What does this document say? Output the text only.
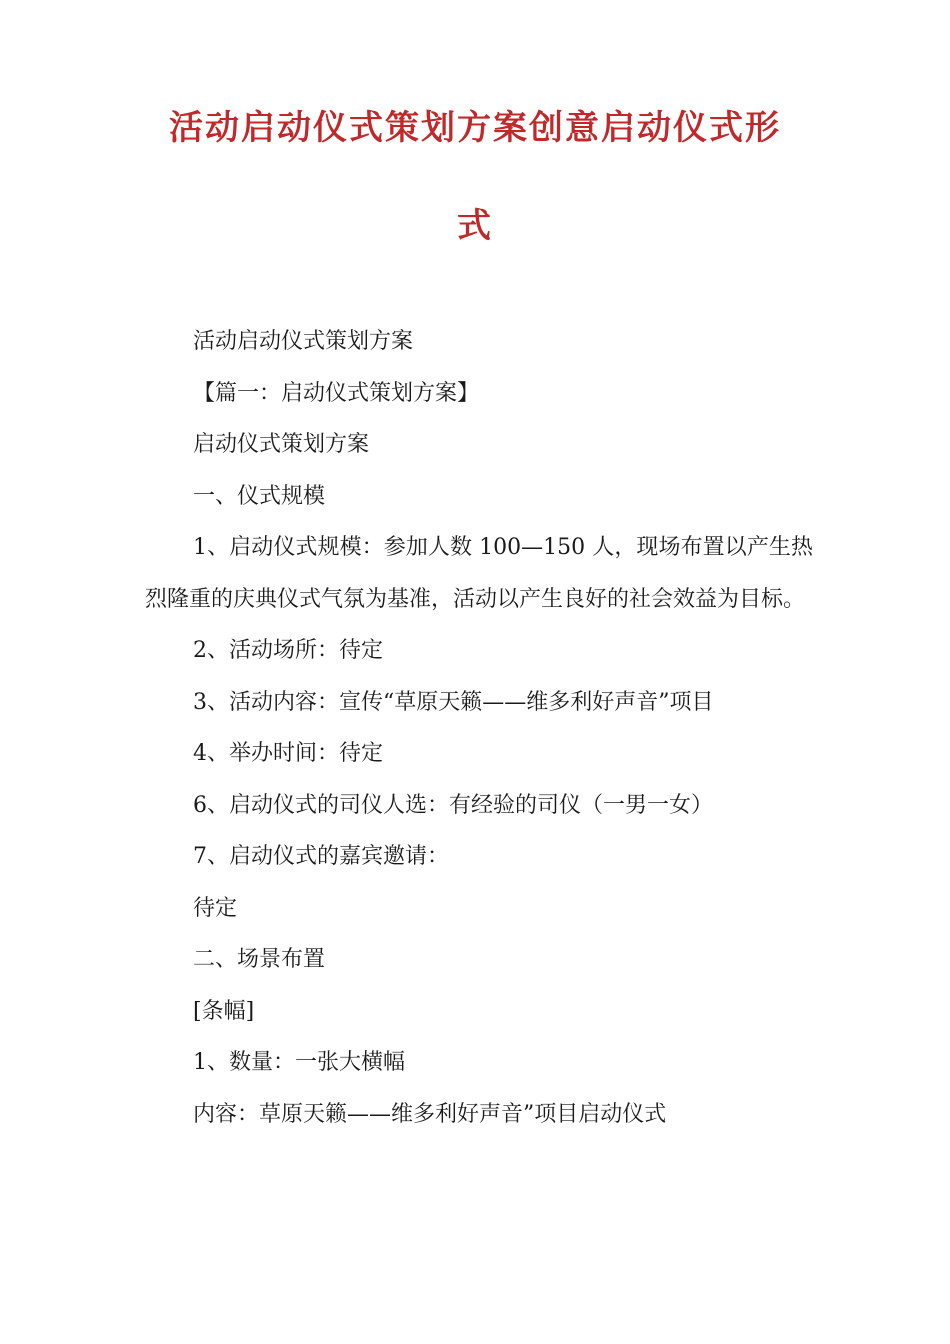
活动启动仪式策划方案创意启动仪式形
式

活动启动仪式策划方案

【篇一：启动仪式策划方案】

启动仪式策划方案

一、仪式规模

1、启动仪式规模：参加人数 100—150 人，现场布置以产生热烈隆重的庆典仪式气氛为基准，活动以产生良好的社会效益为目标。

2、活动场所：待定

3、活动内容：宣传“草原天籁——维多利好声音”项目

4、举办时间：待定

6、启动仪式的司仪人选：有经验的司仪（一男一女）

7、启动仪式的嘉宾邀请：

待定

二、场景布置

[条幅]

1、数量：一张大横幅

内容：草原天籁——维多利好声音”项目启动仪式
